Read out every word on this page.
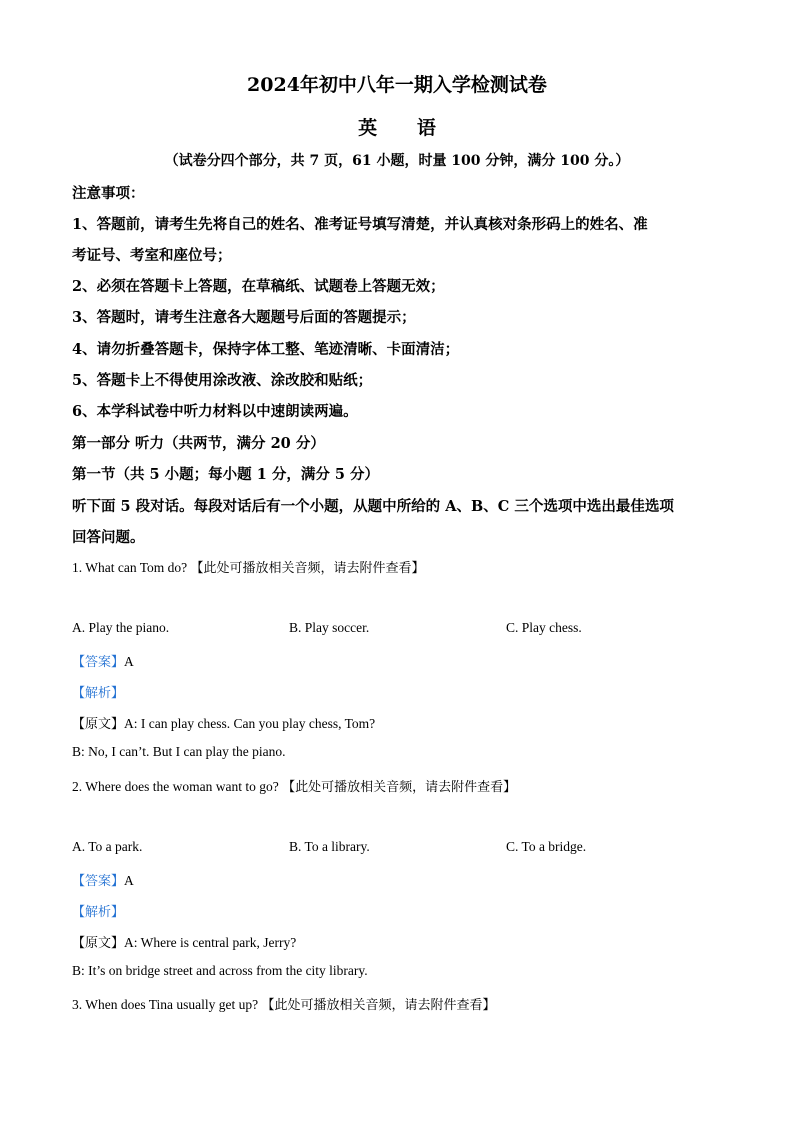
2024年初中八年一期入学检测试卷
英      语
（试卷分四个部分，共 7 页，61 小题，时量 100 分钟，满分 100 分。）
注意事项：
1、答题前，请考生先将自己的姓名、准考证号填写清楚，并认真核对条形码上的姓名、准
考证号、考室和座位号；
2、必须在答题卡上答题，在草稿纸、试题卷上答题无效；
3、答题时，请考生注意各大题题号后面的答题提示；
4、请勿折叠答题卡，保持字体工整、笔迹清晰、卡面清洁；
5、答题卡上不得使用涂改液、涂改胶和贴纸；
6、本学科试卷中听力材料以中速朗读两遍。
第一部分 听力（共两节，满分 20 分）
第一节（共 5 小题；每小题 1 分，满分 5 分）
听下面 5 段对话。每段对话后有一个小题，从题中所给的 A、B、C 三个选项中选出最佳选项
回答问题。
1. What can Tom do? 【此处可播放相关音频，请去附件查看】
A. Play the piano.	B. Play soccer.	C. Play chess.
【答案】A
【解析】
【原文】A: I can play chess. Can you play chess, Tom?
B: No, I can’t. But I can play the piano.
2. Where does the woman want to go? 【此处可播放相关音频，请去附件查看】
A. To a park.	B. To a library.	C. To a bridge.
【答案】A
【解析】
【原文】A: Where is central park, Jerry?
B: It’s on bridge street and across from the city library.
3. When does Tina usually get up? 【此处可播放相关音频，请去附件查看】
